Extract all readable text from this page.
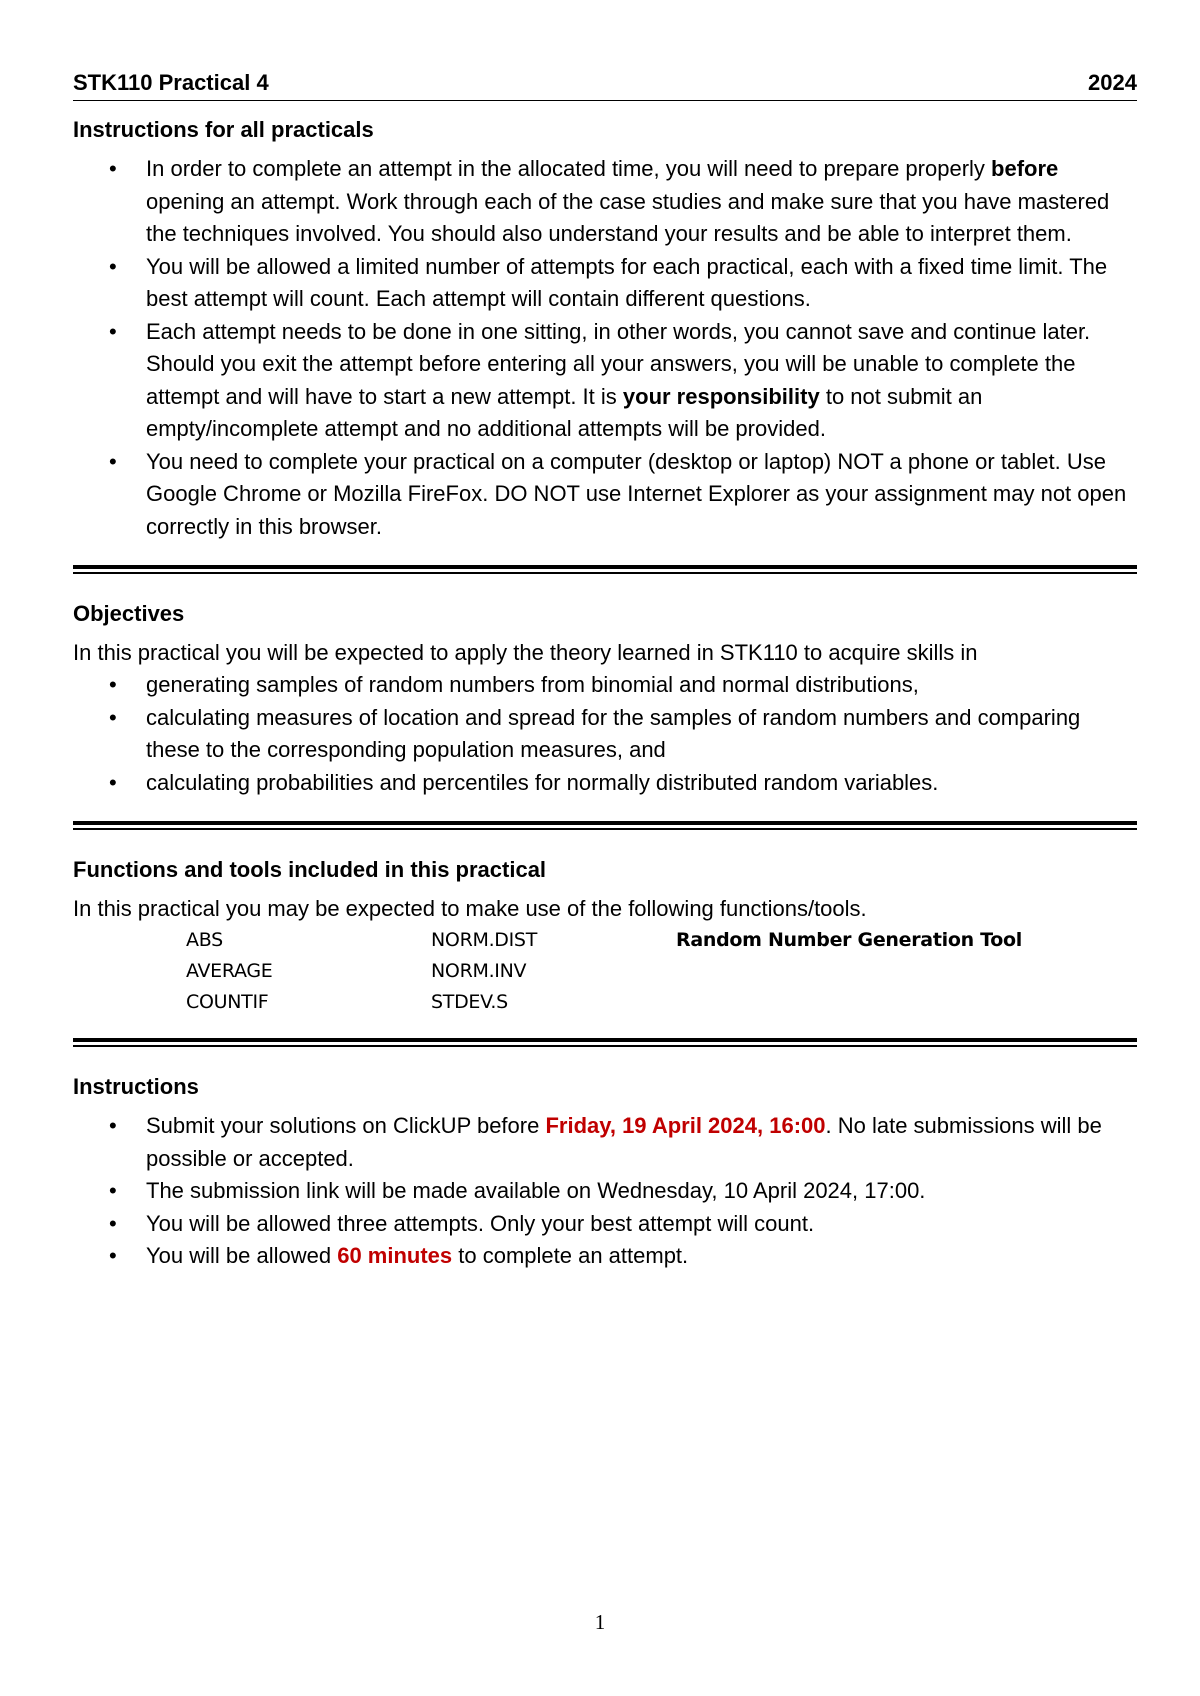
STK110 Practical 4	2024
Instructions for all practicals
• In order to complete an attempt in the allocated time, you will need to prepare properly before opening an attempt. Work through each of the case studies and make sure that you have mastered the techniques involved. You should also understand your results and be able to interpret them.
• You will be allowed a limited number of attempts for each practical, each with a fixed time limit. The best attempt will count. Each attempt will contain different questions.
• Each attempt needs to be done in one sitting, in other words, you cannot save and continue later. Should you exit the attempt before entering all your answers, you will be unable to complete the attempt and will have to start a new attempt. It is your responsibility to not submit an empty/incomplete attempt and no additional attempts will be provided.
• You need to complete your practical on a computer (desktop or laptop) NOT a phone or tablet. Use Google Chrome or Mozilla FireFox. DO NOT use Internet Explorer as your assignment may not open correctly in this browser.
Objectives

In this practical you will be expected to apply the theory learned in STK110 to acquire skills in

• generating samples of random numbers from binomial and normal distributions,
• calculating measures of location and spread for the samples of random numbers and comparing these to the corresponding population measures, and
• calculating probabilities and percentiles for normally distributed random variables.
Functions and tools included in this practical

In this practical you may be expected to make use of the following functions/tools.

ABS	NORM.DIST	Random Number Generation Tool
AVERAGE	NORM.INV
COUNTIF	STDEV.S
Instructions
• Submit your solutions on ClickUP before Friday, 19 April 2024, 16:00. No late submissions will be possible or accepted.
• The submission link will be made available on Wednesday, 10 April 2024, 17:00.
• You will be allowed three attempts. Only your best attempt will count.
• You will be allowed 60 minutes to complete an attempt.
1
